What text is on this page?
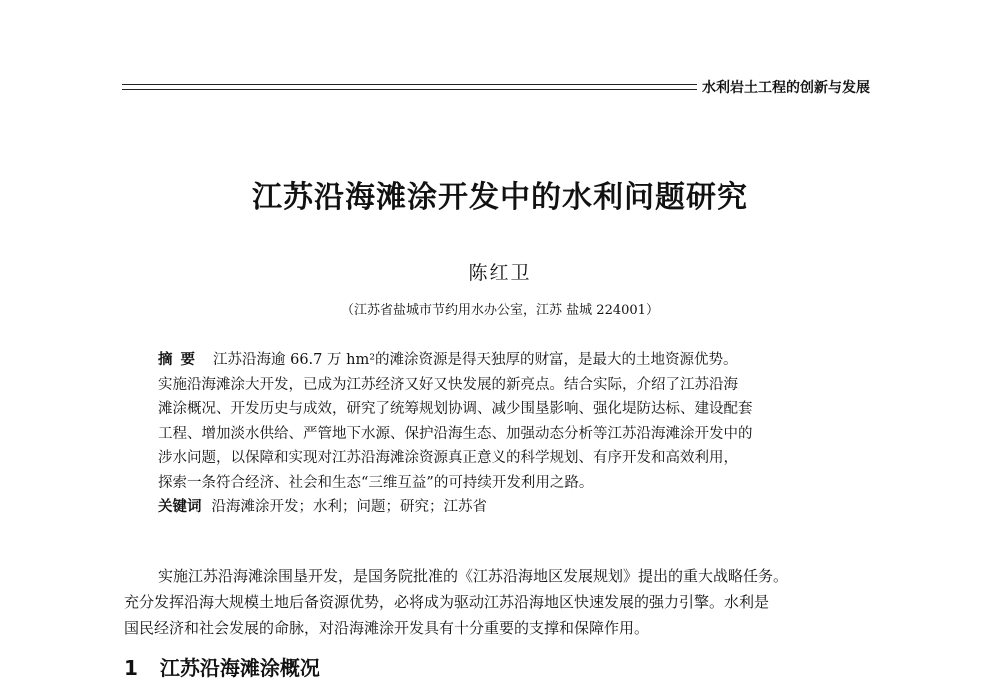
水利岩土工程的创新与发展
江苏沿海滩涂开发中的水利问题研究
陈红卫
（江苏省盐城市节约用水办公室，江苏 盐城 224001）
摘要 江苏沿海逾 66.7 万 hm²的滩涂资源是得天独厚的财富，是最大的土地资源优势。
实施沿海滩涂大开发，已成为江苏经济又好又快发展的新亮点。结合实际，介绍了江苏沿海
滩涂概况、开发历史与成效，研究了统筹规划协调、减少围垦影响、强化堤防达标、建设配套
工程、增加淡水供给、严管地下水源、保护沿海生态、加强动态分析等江苏沿海滩涂开发中的
涉水问题，以保障和实现对江苏沿海滩涂资源真正意义的科学规划、有序开发和高效利用，
探索一条符合经济、社会和生态“三维互益”的可持续开发利用之路。
关键词 沿海滩涂开发；水利；问题；研究；江苏省
实施江苏沿海滩涂围垦开发，是国务院批准的《江苏沿海地区发展规划》提出的重大战略任务。
充分发挥沿海大规模土地后备资源优势，必将成为驱动江苏沿海地区快速发展的强力引擎。水利是
国民经济和社会发展的命脉，对沿海滩涂开发具有十分重要的支撑和保障作用。
1 江苏沿海滩涂概况
